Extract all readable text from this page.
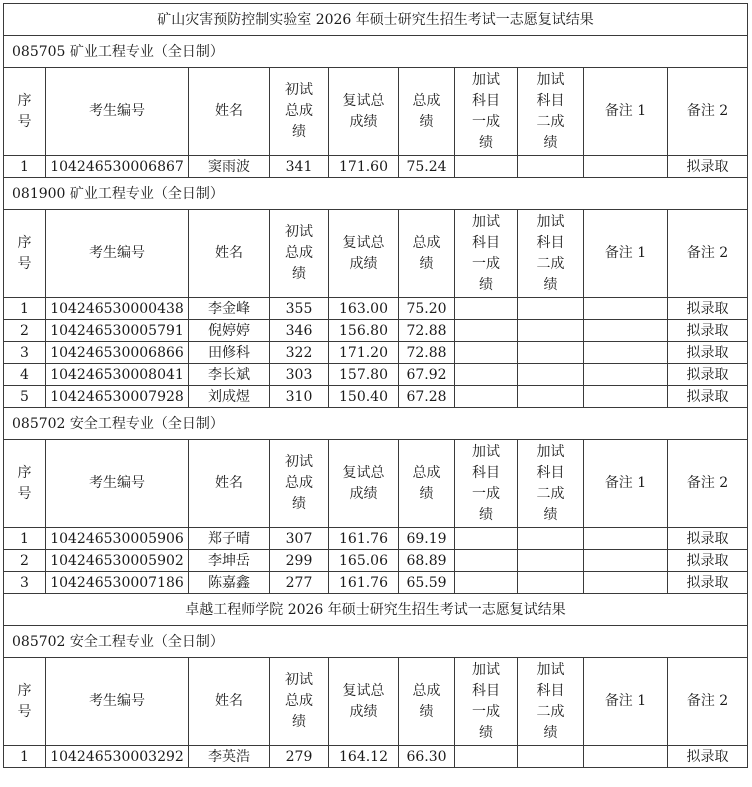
矿山灾害预防控制实验室 2026 年硕士研究生招生考试一志愿复试结果									
085705 矿业工程专业（全日制）									
序
号	考生编号	姓名	初试
总成
绩	复试总
成绩	总成
绩	加试
科目
一成
绩	加试
科目
二成
绩	备注 1	备注 2
1	104246530006867	窦雨波	341	171.60	75.24				拟录取
081900 矿业工程专业（全日制）									
序
号	考生编号	姓名	初试
总成
绩	复试总
成绩	总成
绩	加试
科目
一成
绩	加试
科目
二成
绩	备注 1	备注 2
1	104246530000438	李金峰	355	163.00	75.20				拟录取
2	104246530005791	倪婷婷	346	156.80	72.88				拟录取
3	104246530006866	田修科	322	171.20	72.88				拟录取
4	104246530008041	李长斌	303	157.80	67.92				拟录取
5	104246530007928	刘成煜	310	150.40	67.28				拟录取
085702 安全工程专业（全日制）									
序
号	考生编号	姓名	初试
总成
绩	复试总
成绩	总成
绩	加试
科目
一成
绩	加试
科目
二成
绩	备注 1	备注 2
1	104246530005906	郑子晴	307	161.76	69.19				拟录取
2	104246530005902	李坤岳	299	165.06	68.89				拟录取
3	104246530007186	陈嘉鑫	277	161.76	65.59				拟录取
卓越工程师学院 2026 年硕士研究生招生考试一志愿复试结果									
085702 安全工程专业（全日制）									
序
号	考生编号	姓名	初试
总成
绩	复试总
成绩	总成
绩	加试
科目
一成
绩	加试
科目
二成
绩	备注 1	备注 2
1	104246530003292	李英浩	279	164.12	66.30				拟录取
